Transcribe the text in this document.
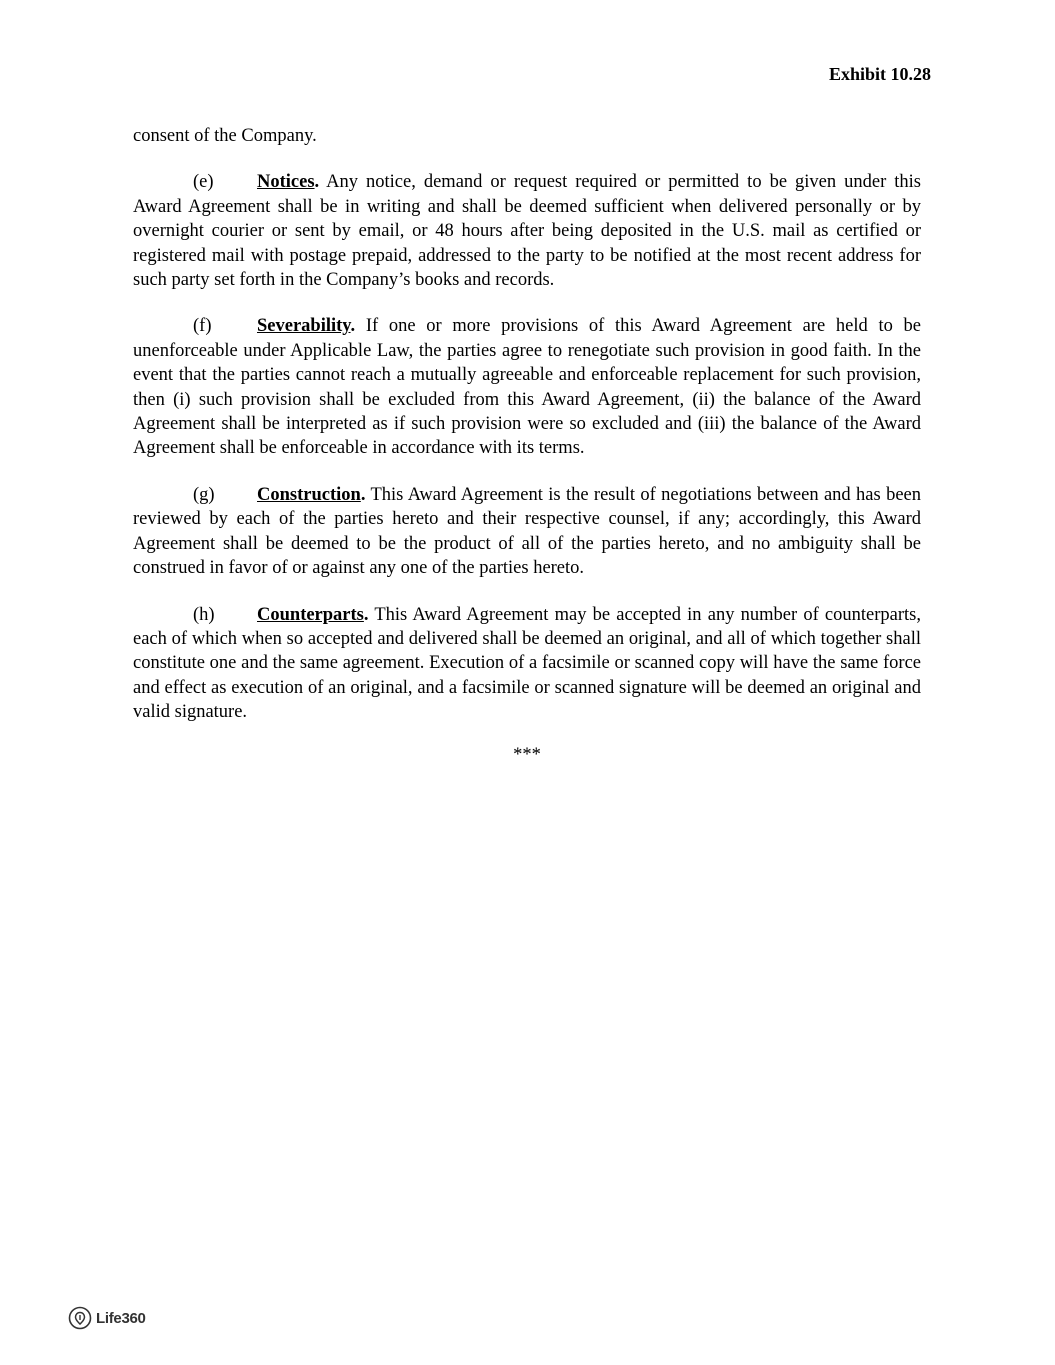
Exhibit 10.28

consent of the Company.

(e) Notices. Any notice, demand or request required or permitted to be given under this Award Agreement shall be in writing and shall be deemed sufficient when delivered personally or by overnight courier or sent by email, or 48 hours after being deposited in the U.S. mail as certified or registered mail with postage prepaid, addressed to the party to be notified at the most recent address for such party set forth in the Company’s books and records.

(f) Severability. If one or more provisions of this Award Agreement are held to be unenforceable under Applicable Law, the parties agree to renegotiate such provision in good faith. In the event that the parties cannot reach a mutually agreeable and enforceable replacement for such provision, then (i) such provision shall be excluded from this Award Agreement, (ii) the balance of the Award Agreement shall be interpreted as if such provision were so excluded and (iii) the balance of the Award Agreement shall be enforceable in accordance with its terms.

(g) Construction. This Award Agreement is the result of negotiations between and has been reviewed by each of the parties hereto and their respective counsel, if any; accordingly, this Award Agreement shall be deemed to be the product of all of the parties hereto, and no ambiguity shall be construed in favor of or against any one of the parties hereto.

(h) Counterparts. This Award Agreement may be accepted in any number of counterparts, each of which when so accepted and delivered shall be deemed an original, and all of which together shall constitute one and the same agreement. Execution of a facsimile or scanned copy will have the same force and effect as execution of an original, and a facsimile or scanned signature will be deemed an original and valid signature.

***

Life360
